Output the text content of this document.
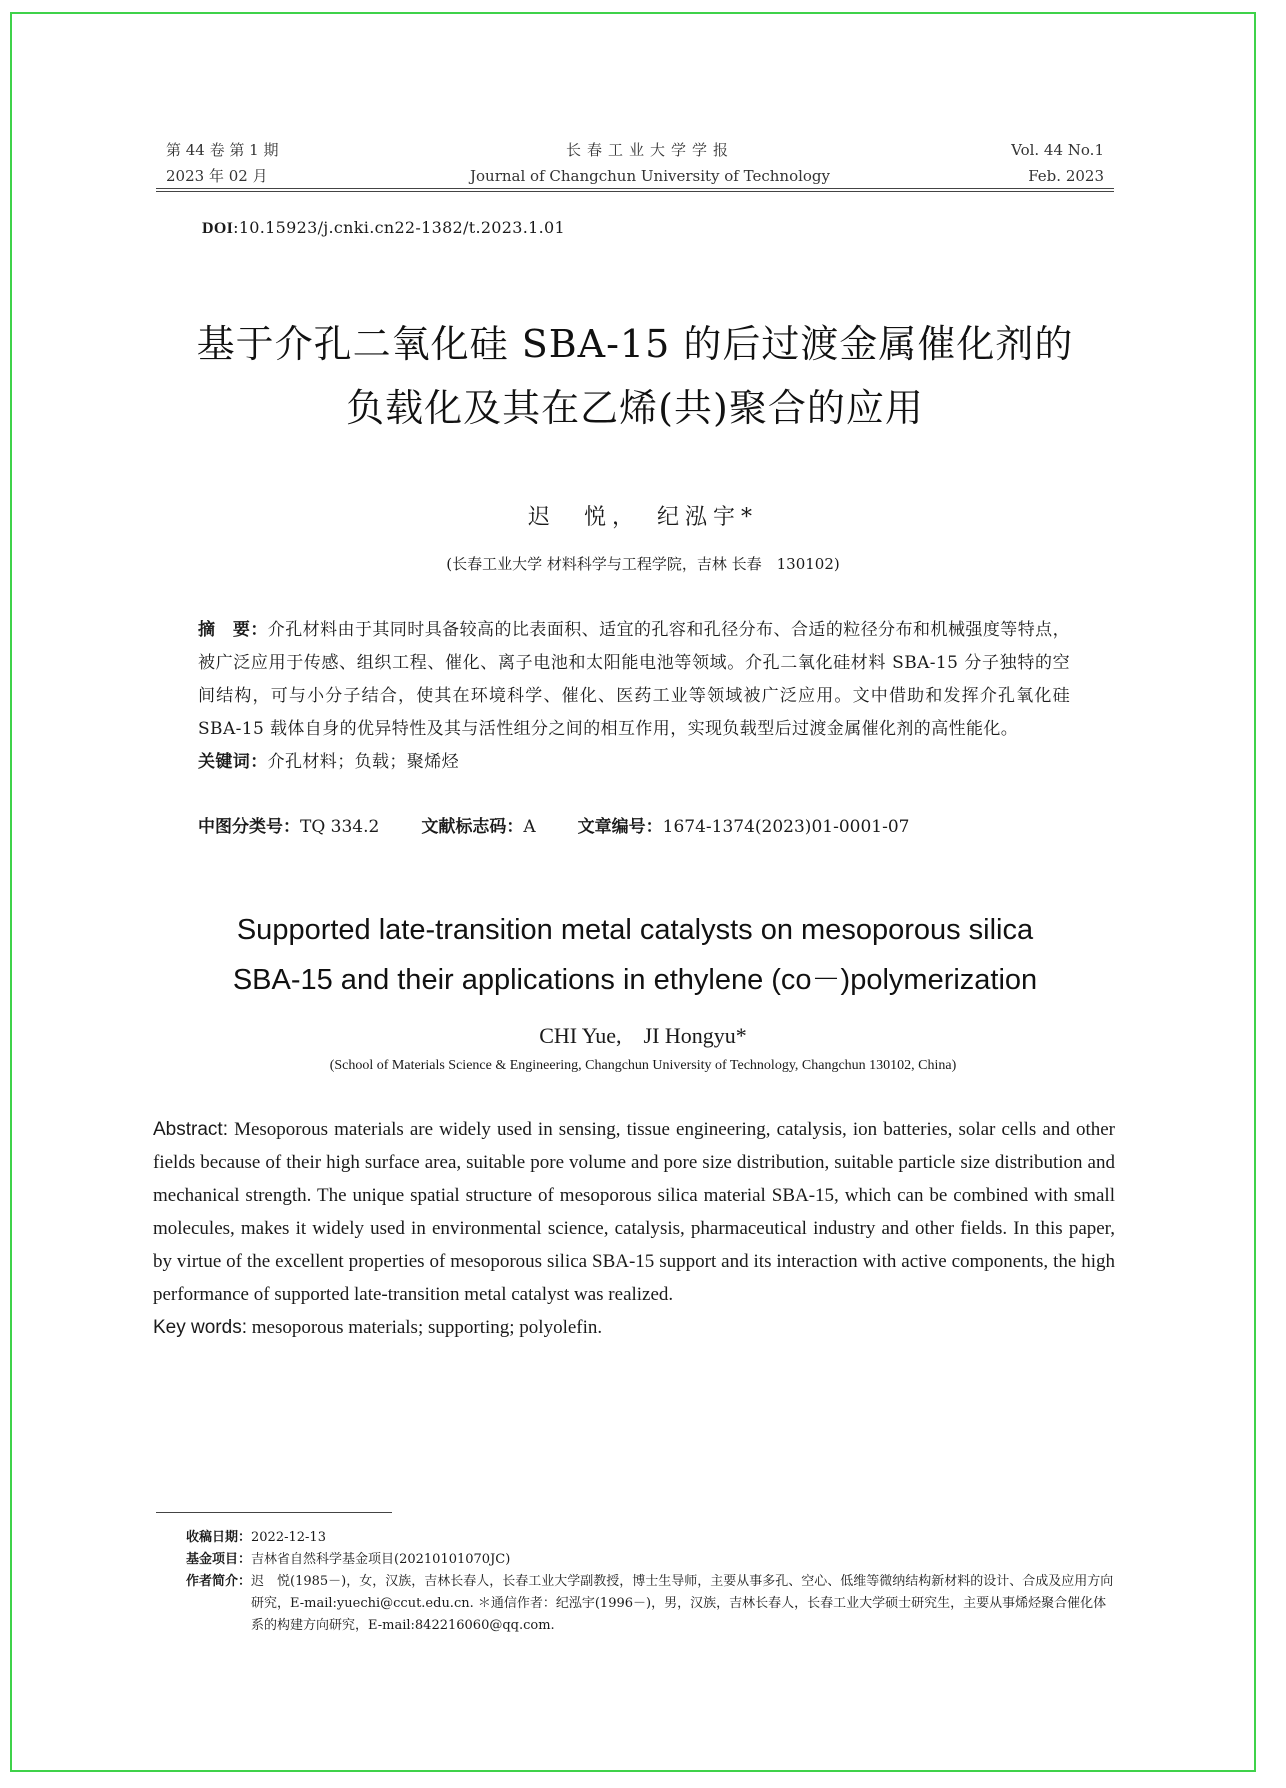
第 44 卷 第 1 期
2023 年 02 月
长春工业大学学报
Journal of Changchun University of Technology
Vol. 44 No.1
Feb. 2023
DOI:10.15923/j.cnki.cn22-1382/t.2023.1.01
基于介孔二氧化硅 SBA-15 的后过渡金属催化剂的
负载化及其在乙烯(共)聚合的应用
迟　悦，　纪泓宇*
(长春工业大学 材料科学与工程学院，吉林 长春　130102)
摘　要：介孔材料由于其同时具备较高的比表面积、适宜的孔容和孔径分布、合适的粒径分布和机械强度等特点，被广泛应用于传感、组织工程、催化、离子电池和太阳能电池等领域。介孔二氧化硅材料 SBA-15 分子独特的空间结构，可与小分子结合，使其在环境科学、催化、医药工业等领域被广泛应用。文中借助和发挥介孔氧化硅 SBA-15 载体自身的优异特性及其与活性组分之间的相互作用，实现负载型后过渡金属催化剂的高性能化。
关键词：介孔材料；负载；聚烯烃
中图分类号：TQ 334.2 文献标志码：A 文章编号：1674-1374(2023)01-0001-07
Supported late-transition metal catalysts on mesoporous silica
SBA-15 and their applications in ethylene (co－)polymerization
CHI Yue,　JI Hongyu*
(School of Materials Science & Engineering, Changchun University of Technology, Changchun 130102, China)
Abstract: Mesoporous materials are widely used in sensing, tissue engineering, catalysis, ion batteries, solar cells and other fields because of their high surface area, suitable pore volume and pore size distribution, suitable particle size distribution and mechanical strength. The unique spatial structure of mesoporous silica material SBA-15, which can be combined with small molecules, makes it widely used in environmental science, catalysis, pharmaceutical industry and other fields. In this paper, by virtue of the excellent properties of mesoporous silica SBA-15 support and its interaction with active components, the high performance of supported late-transition metal catalyst was realized.
Key words: mesoporous materials; supporting; polyolefin.
收稿日期： 2022-12-13
基金项目： 吉林省自然科学基金项目(20210101070JC)
作者简介： 迟　悦(1985－)，女，汉族，吉林长春人，长春工业大学副教授，博士生导师，主要从事多孔、空心、低维等微纳结构新材料的设计、合成及应用方向研究，E-mail:yuechi@ccut.edu.cn. ＊通信作者：纪泓宇(1996－)，男，汉族，吉林长春人，长春工业大学硕士研究生，主要从事烯烃聚合催化体系的构建方向研究，E-mail:842216060@qq.com.
